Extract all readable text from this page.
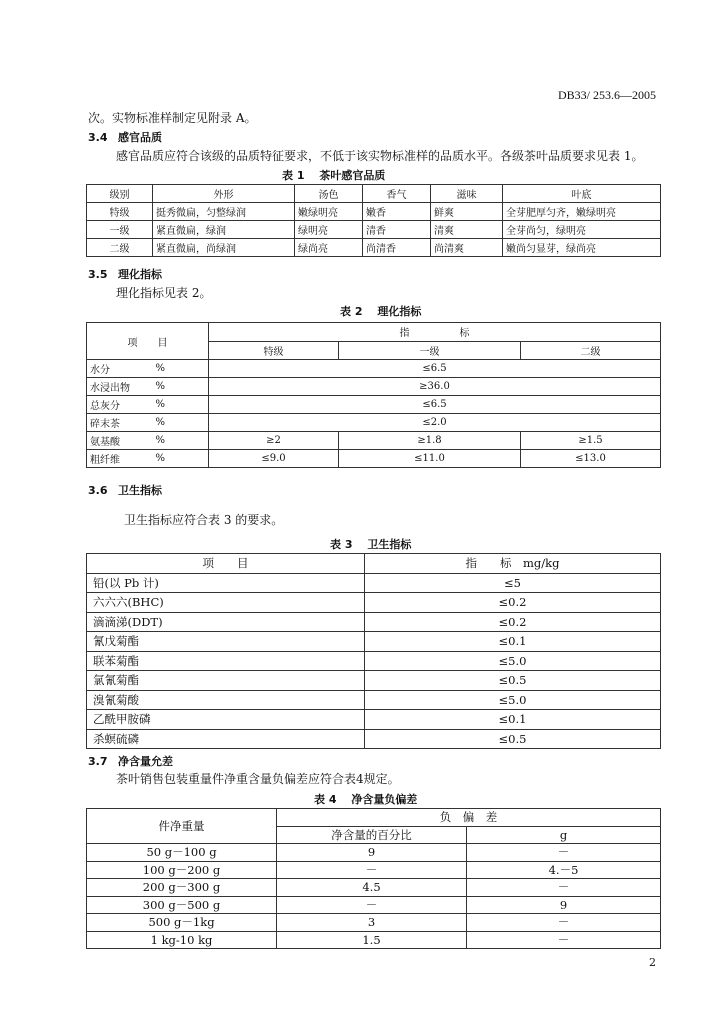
DB33/ 253.6—2005
次。实物标准样制定见附录 A。
3.4 感官品质
感官品质应符合该级的品质特征要求，不低于该实物标准样的品质水平。各级茶叶品质要求见表 1。
表 1　 茶叶感官品质
级别	外形	汤色	香气	滋味	叶底
特级	挺秀微扁，匀整绿润	嫩绿明亮	嫩香	鲜爽	全芽肥厚匀齐，嫩绿明亮
一级	紧直微扁，绿润	绿明亮	清香	清爽	全芽尚匀，绿明亮
二级	紧直微扁，尚绿润	绿尚亮	尚清香	尚清爽	嫩尚匀显芽，绿尚亮
3.5 理化指标
理化指标见表 2。
表 2　 理化指标
项　　目		指　　　　　标		
		特级	一级	二级
水分	%	≤6.5		
水浸出物	%	≥36.0		
总灰分	%	≤6.5		
碎末茶	%	≤2.0		
氨基酸	%	≥2	≥1.8	≥1.5
粗纤维	%	≤9.0	≤11.0	≤13.0
3.6 卫生指标
卫生指标应符合表 3 的要求。
表 3　 卫生指标
项　　目	指　　标　mg/kg
铅(以 Pb 计)	≤5
六六六(BHC)	≤0.2
滴滴涕(DDT)	≤0.2
氰戊菊酯	≤0.1
联苯菊酯	≤5.0
氯氰菊酯	≤0.5
溴氰菊酸	≤5.0
乙酰甲胺磷	≤0.1
杀螟硫磷	≤0.5
3.7 净含量允差
茶叶销售包装重量件净重含量负偏差应符合表4规定。
表 4　 净含量负偏差
件净重量	负　偏　差	
	净含量的百分比	g
50 g－100 g	9	－
100 g－200 g	－	4.－5
200 g－300 g	4.5	－
300 g－500 g	－	9
500 g－1kg	3	－
1 kg-10 kg	1.5	－
2
